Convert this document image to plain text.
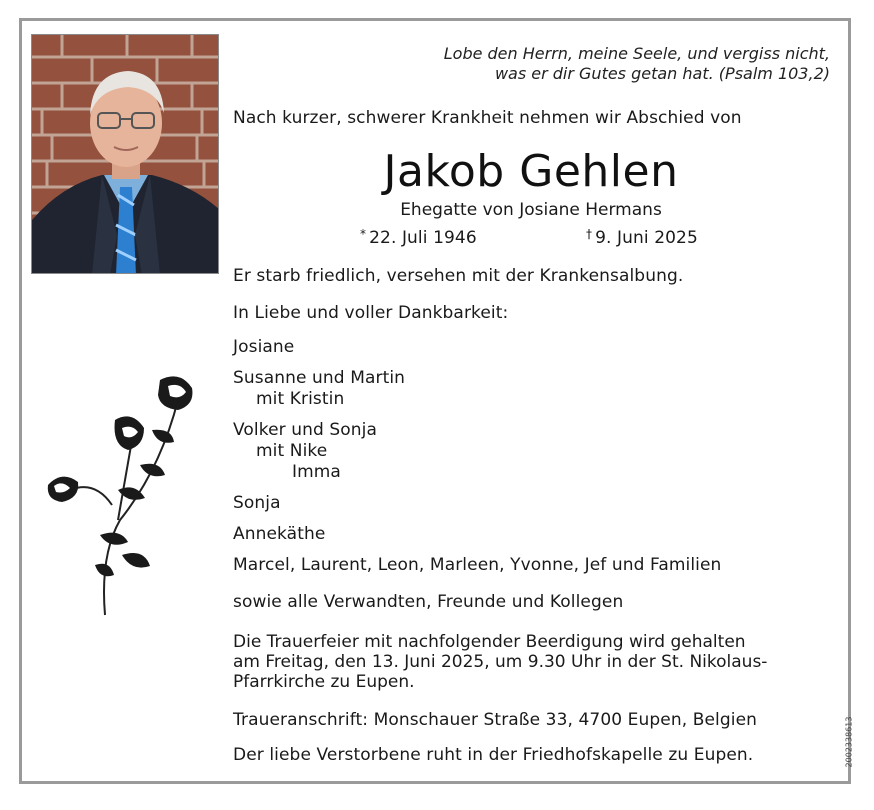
Lobe den Herrn, meine Seele, und vergiss nicht,
was er dir Gutes getan hat. (Psalm 103,2)
Nach kurzer, schwerer Krankheit nehmen wir Abschied von
Jakob Gehlen
Ehegatte von Josiane Hermans
* 22. Juli 1946	† 9. Juni 2025
Er starb friedlich, versehen mit der Krankensalbung.
In Liebe und voller Dankbarkeit:
Josiane
Susanne und Martin
mit Kristin
Volker und Sonja
mit Nike
Imma
Sonja
Annekäthe
Marcel, Laurent, Leon, Marleen, Yvonne, Jef und Familien
sowie alle Verwandten, Freunde und Kollegen
Die Trauerfeier mit nachfolgender Beerdigung wird gehalten
am Freitag, den 13. Juni 2025, um 9.30 Uhr in der St. Nikolaus-
Pfarrkirche zu Eupen.
Traueranschrift: Monschauer Straße 33, 4700 Eupen, Belgien
Der liebe Verstorbene ruht in der Friedhofskapelle zu Eupen.	2002338613
